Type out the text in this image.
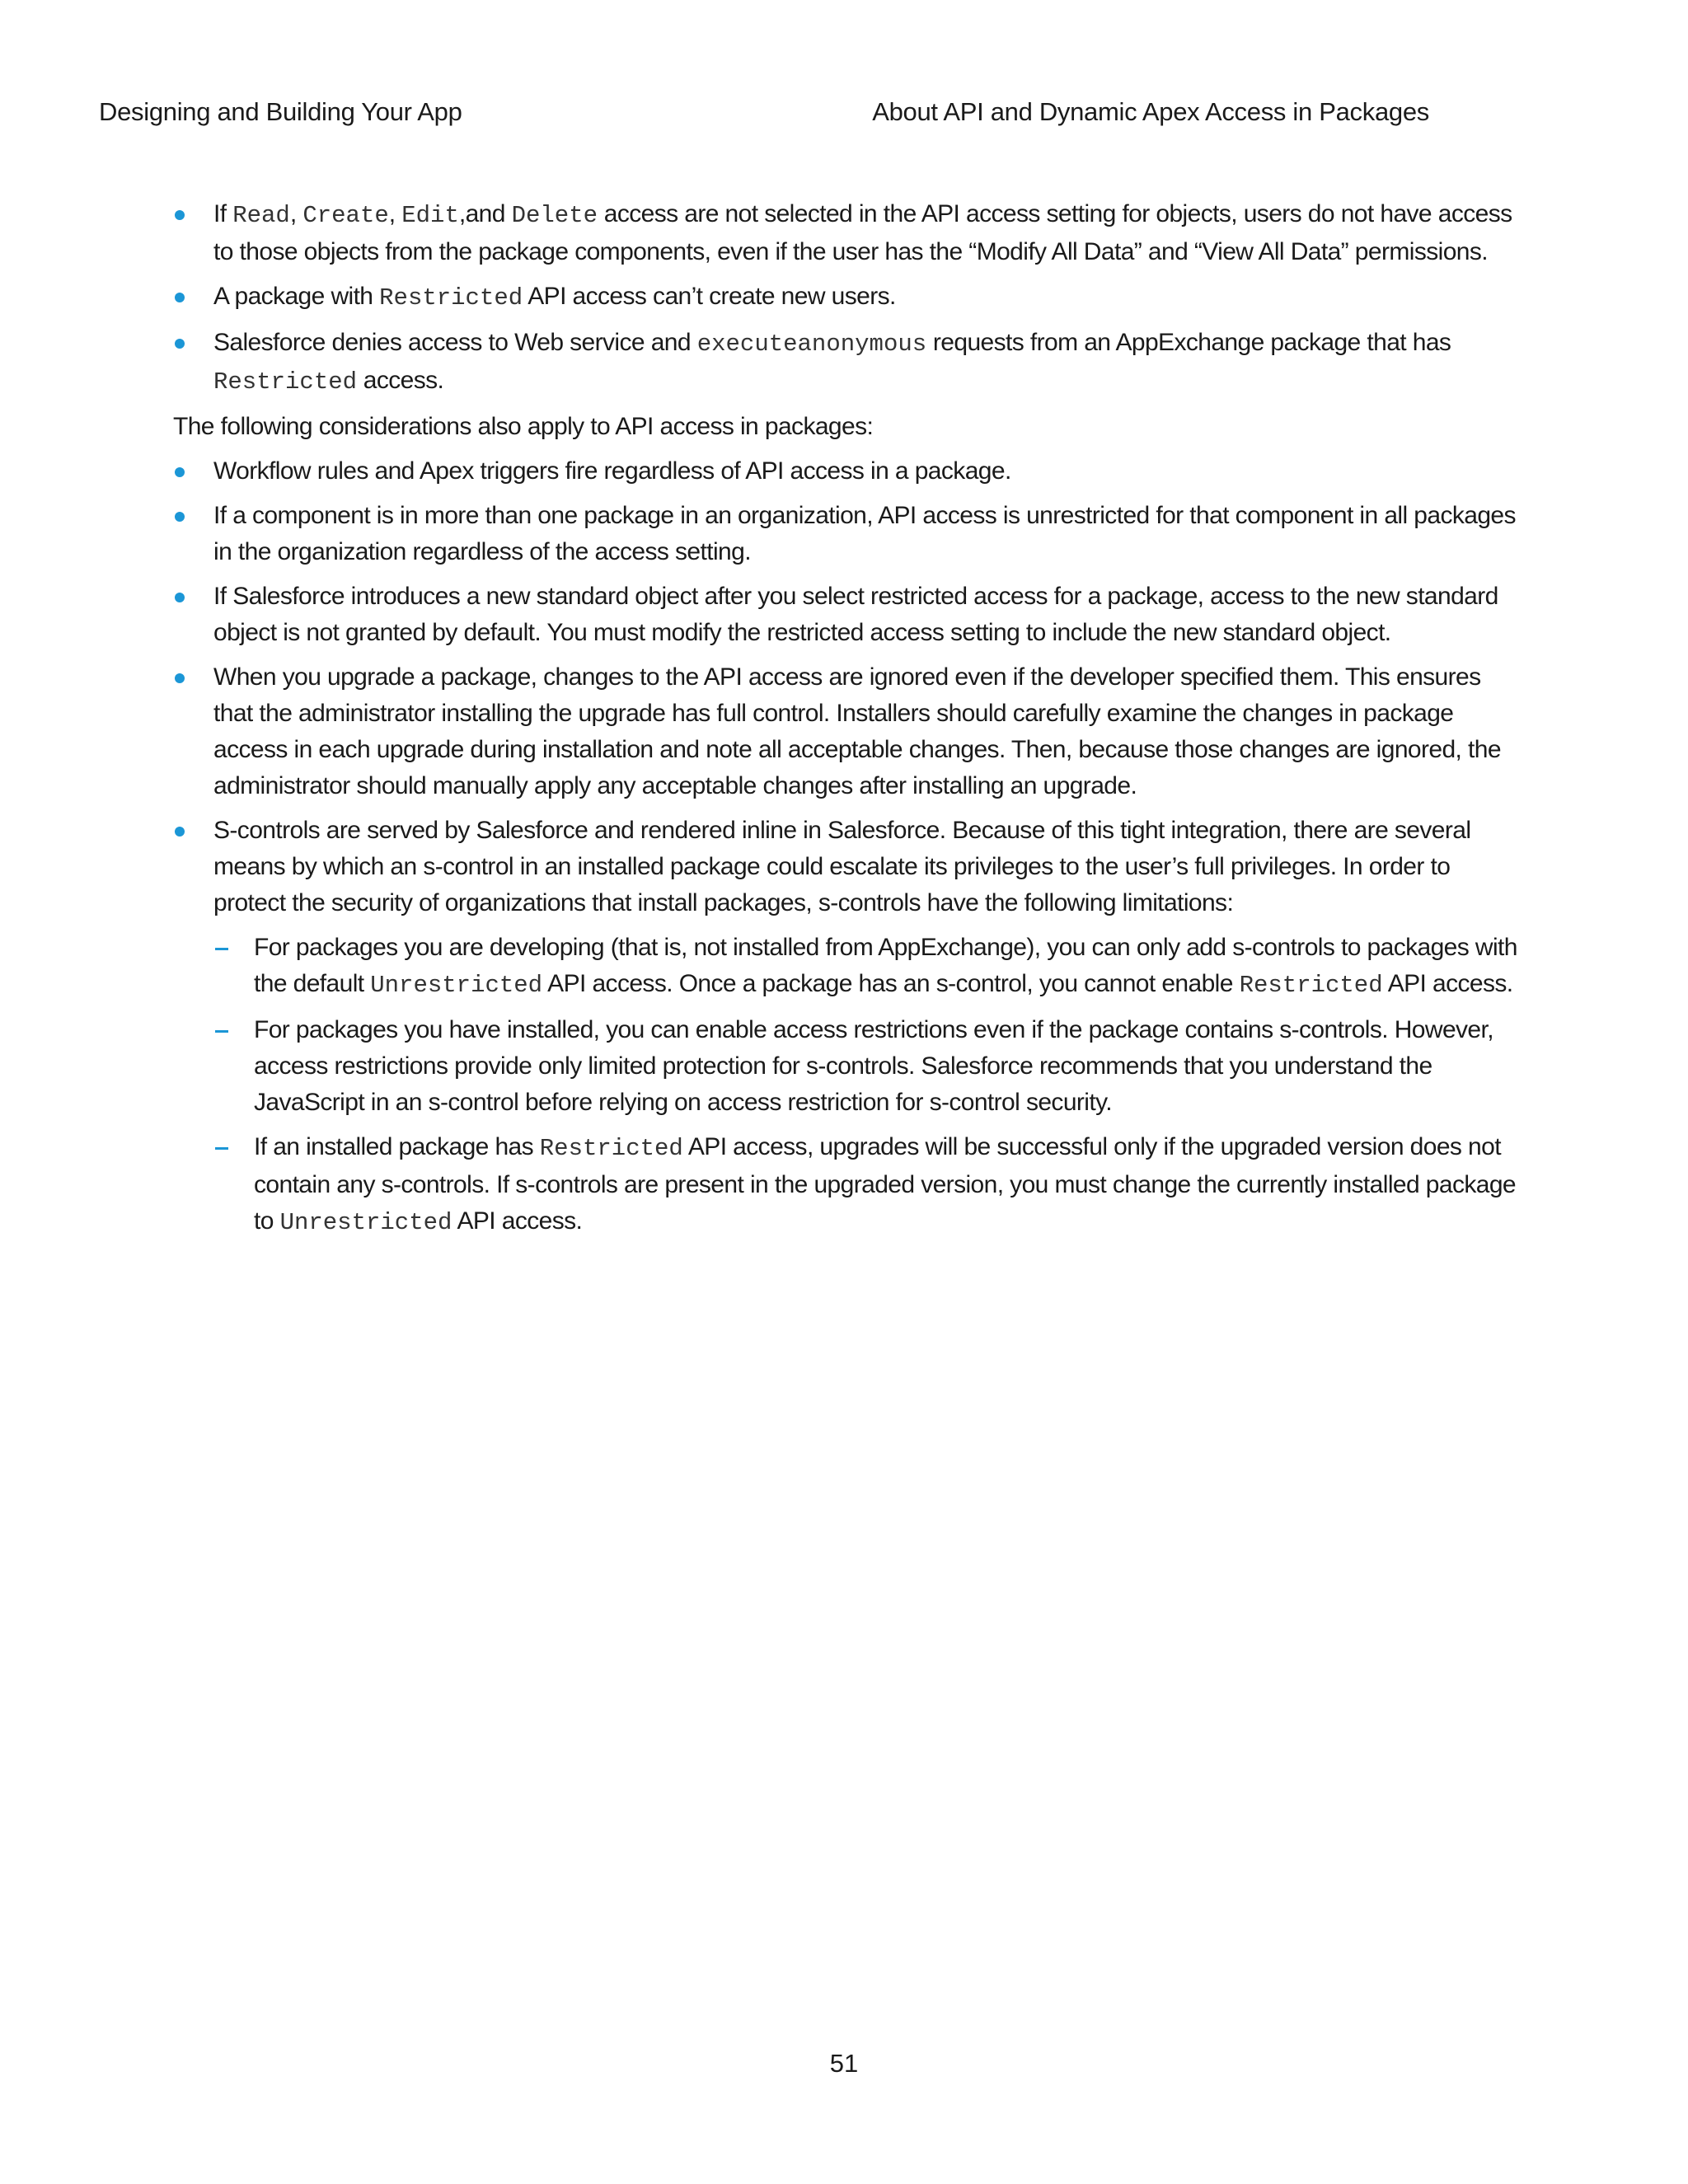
Designing and Building Your App	About API and Dynamic Apex Access in Packages
If Read, Create, Edit,and Delete access are not selected in the API access setting for objects, users do not have access to those objects from the package components, even if the user has the “Modify All Data” and “View All Data” permissions.
A package with Restricted API access can’t create new users.
Salesforce denies access to Web service and executeanonymous requests from an AppExchange package that has Restricted access.

The following considerations also apply to API access in packages:

Workflow rules and Apex triggers fire regardless of API access in a package.
If a component is in more than one package in an organization, API access is unrestricted for that component in all packages in the organization regardless of the access setting.
If Salesforce introduces a new standard object after you select restricted access for a package, access to the new standard object is not granted by default. You must modify the restricted access setting to include the new standard object.
When you upgrade a package, changes to the API access are ignored even if the developer specified them. This ensures that the administrator installing the upgrade has full control. Installers should carefully examine the changes in package access in each upgrade during installation and note all acceptable changes. Then, because those changes are ignored, the administrator should manually apply any acceptable changes after installing an upgrade.
S-controls are served by Salesforce and rendered inline in Salesforce. Because of this tight integration, there are several means by which an s-control in an installed package could escalate its privileges to the user’s full privileges. In order to protect the security of organizations that install packages, s-controls have the following limitations:
For packages you are developing (that is, not installed from AppExchange), you can only add s-controls to packages with the default Unrestricted API access. Once a package has an s-control, you cannot enable Restricted API access.
For packages you have installed, you can enable access restrictions even if the package contains s-controls. However, access restrictions provide only limited protection for s-controls. Salesforce recommends that you understand the JavaScript in an s-control before relying on access restriction for s-control security.
If an installed package has Restricted API access, upgrades will be successful only if the upgraded version does not contain any s-controls. If s-controls are present in the upgraded version, you must change the currently installed package to Unrestricted API access.
51
